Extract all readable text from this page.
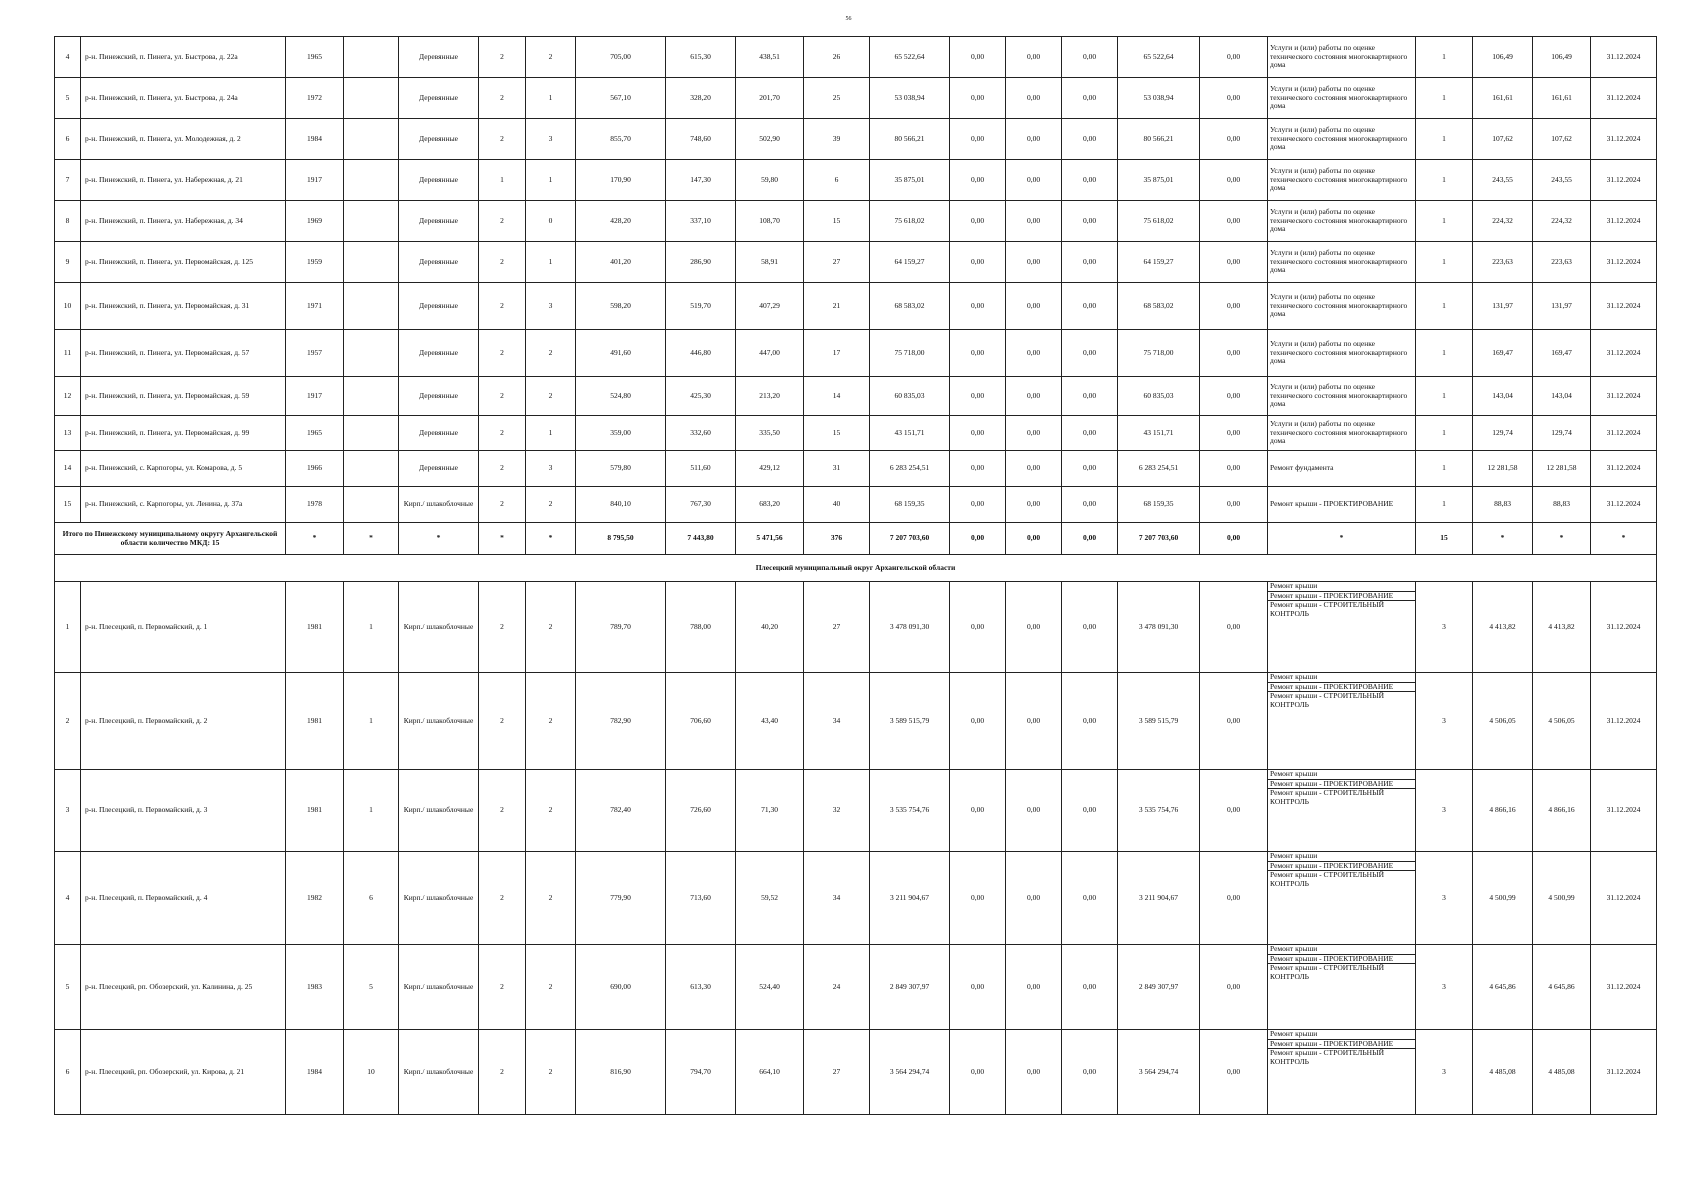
56
4	р-н. Пинежский, п. Пинега, ул. Быстрова, д. 22а	1965		Деревянные	2	2	705,00	615,30	438,51	26	65 522,64	0,00	0,00	0,00	65 522,64	0,00	Услуги и (или) работы по оценке технического состояния многоквартирного дома	1	106,49	106,49	31.12.2024
5	р-н. Пинежский, п. Пинега, ул. Быстрова, д. 24а	1972		Деревянные	2	1	567,10	328,20	201,70	25	53 038,94	0,00	0,00	0,00	53 038,94	0,00	Услуги и (или) работы по оценке технического состояния многоквартирного дома	1	161,61	161,61	31.12.2024
6	р-н. Пинежский, п. Пинега, ул. Молодежная, д. 2	1984		Деревянные	2	3	855,70	748,60	502,90	39	80 566,21	0,00	0,00	0,00	80 566,21	0,00	Услуги и (или) работы по оценке технического состояния многоквартирного дома	1	107,62	107,62	31.12.2024
7	р-н. Пинежский, п. Пинега, ул. Набережная, д. 21	1917		Деревянные	1	1	170,90	147,30	59,80	6	35 875,01	0,00	0,00	0,00	35 875,01	0,00	Услуги и (или) работы по оценке технического состояния многоквартирного дома	1	243,55	243,55	31.12.2024
8	р-н. Пинежский, п. Пинега, ул. Набережная, д. 34	1969		Деревянные	2	0	428,20	337,10	108,70	15	75 618,02	0,00	0,00	0,00	75 618,02	0,00	Услуги и (или) работы по оценке технического состояния многоквартирного дома	1	224,32	224,32	31.12.2024
9	р-н. Пинежский, п. Пинега, ул. Первомайская, д. 125	1959		Деревянные	2	1	401,20	286,90	58,91	27	64 159,27	0,00	0,00	0,00	64 159,27	0,00	Услуги и (или) работы по оценке технического состояния многоквартирного дома	1	223,63	223,63	31.12.2024
10	р-н. Пинежский, п. Пинега, ул. Первомайская, д. 31	1971		Деревянные	2	3	598,20	519,70	407,29	21	68 583,02	0,00	0,00	0,00	68 583,02	0,00	Услуги и (или) работы по оценке технического состояния многоквартирного дома	1	131,97	131,97	31.12.2024
11	р-н. Пинежский, п. Пинега, ул. Первомайская, д. 57	1957		Деревянные	2	2	491,60	446,80	447,00	17	75 718,00	0,00	0,00	0,00	75 718,00	0,00	Услуги и (или) работы по оценке технического состояния многоквартирного дома	1	169,47	169,47	31.12.2024
12	р-н. Пинежский, п. Пинега, ул. Первомайская, д. 59	1917		Деревянные	2	2	524,80	425,30	213,20	14	60 835,03	0,00	0,00	0,00	60 835,03	0,00	Услуги и (или) работы по оценке технического состояния многоквартирного дома	1	143,04	143,04	31.12.2024
13	р-н. Пинежский, п. Пинега, ул. Первомайская, д. 99	1965		Деревянные	2	1	359,00	332,60	335,50	15	43 151,71	0,00	0,00	0,00	43 151,71	0,00	Услуги и (или) работы по оценке технического состояния многоквартирного дома	1	129,74	129,74	31.12.2024
14	р-н. Пинежский, с. Карпогоры, ул. Комарова, д. 5	1966		Деревянные	2	3	579,80	511,60	429,12	31	6 283 254,51	0,00	0,00	0,00	6 283 254,51	0,00	Ремонт фундамента	1	12 281,58	12 281,58	31.12.2024
15	р-н. Пинежский, с. Карпогоры, ул. Ленина, д. 37а	1978		Кирп./ шлакоблочные	2	2	840,10	767,30	683,20	40	68 159,35	0,00	0,00	0,00	68 159,35	0,00	Ремонт крыши - ПРОЕКТИРОВАНИЕ	1	88,83	88,83	31.12.2024
Итого по Пинежскому муниципальному округу Архангельской области количество МКД: 15		*	*	*	*	*	8 795,50	7 443,80	5 471,56	376	7 207 703,60	0,00	0,00	0,00	7 207 703,60	0,00	*	15	*	*	*
Плесецкий муниципальный округ Архангельской области																					
1	р-н. Плесецкий, п. Первомайский, д. 1	1981	1	Кирп./ шлакоблочные	2	2	789,70	788,00	40,20	27	3 478 091,30	0,00	0,00	0,00	3 478 091,30	0,00	Ремонт крыши
Ремонт крыши - ПРОЕКТИРОВАНИЕ
Ремонт крыши - СТРОИТЕЛЬНЫЙ КОНТРОЛЬ	3	4 413,82	4 413,82	31.12.2024
2	р-н. Плесецкий, п. Первомайский, д. 2	1981	1	Кирп./ шлакоблочные	2	2	782,90	706,60	43,40	34	3 589 515,79	0,00	0,00	0,00	3 589 515,79	0,00	Ремонт крыши
Ремонт крыши - ПРОЕКТИРОВАНИЕ
Ремонт крыши - СТРОИТЕЛЬНЫЙ КОНТРОЛЬ	3	4 506,05	4 506,05	31.12.2024
3	р-н. Плесецкий, п. Первомайский, д. 3	1981	1	Кирп./ шлакоблочные	2	2	782,40	726,60	71,30	32	3 535 754,76	0,00	0,00	0,00	3 535 754,76	0,00	Ремонт крыши
Ремонт крыши - ПРОЕКТИРОВАНИЕ
Ремонт крыши - СТРОИТЕЛЬНЫЙ КОНТРОЛЬ	3	4 866,16	4 866,16	31.12.2024
4	р-н. Плесецкий, п. Первомайский, д. 4	1982	6	Кирп./ шлакоблочные	2	2	779,90	713,60	59,52	34	3 211 904,67	0,00	0,00	0,00	3 211 904,67	0,00	Ремонт крыши
Ремонт крыши - ПРОЕКТИРОВАНИЕ
Ремонт крыши - СТРОИТЕЛЬНЫЙ КОНТРОЛЬ	3	4 500,99	4 500,99	31.12.2024
5	р-н. Плесецкий, рп. Обозерский, ул. Калинина, д. 25	1983	5	Кирп./ шлакоблочные	2	2	690,00	613,30	524,40	24	2 849 307,97	0,00	0,00	0,00	2 849 307,97	0,00	Ремонт крыши
Ремонт крыши - ПРОЕКТИРОВАНИЕ
Ремонт крыши - СТРОИТЕЛЬНЫЙ КОНТРОЛЬ	3	4 645,86	4 645,86	31.12.2024
6	р-н. Плесецкий, рп. Обозерский, ул. Кирова, д. 21	1984	10	Кирп./ шлакоблочные	2	2	816,90	794,70	664,10	27	3 564 294,74	0,00	0,00	0,00	3 564 294,74	0,00	Ремонт крыши
Ремонт крыши - ПРОЕКТИРОВАНИЕ
Ремонт крыши - СТРОИТЕЛЬНЫЙ КОНТРОЛЬ	3	4 485,08	4 485,08	31.12.2024
